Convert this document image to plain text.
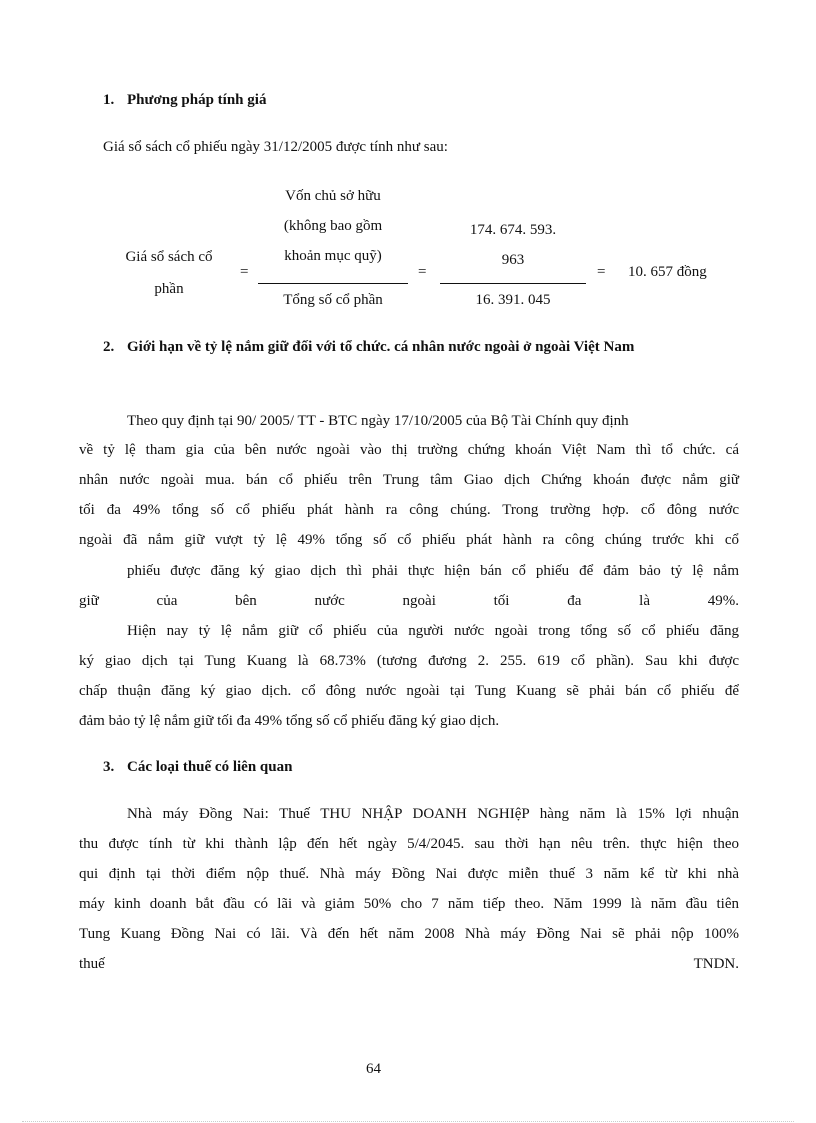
1. Phương pháp tính giá
Giá sổ sách cổ phiếu ngày 31/12/2005 được tính như sau:
Giá sổ sách cổ
phần
=
Vốn chủ sở hữu
(không bao gồm
khoản mục quỹ)
Tổng số cổ phần
=
174. 674. 593.
963
16. 391. 045
= 10. 657 đồng
2. Giới hạn về tỷ lệ nắm giữ đối với tổ chức. cá nhân nước ngoài ở ngoài Việt Nam
Theo quy định tại 90/ 2005/ TT - BTC ngày 17/10/2005 của Bộ Tài Chính quy định
về tỷ lệ tham gia của bên nước ngoài vào thị trường chứng khoán Việt Nam thì tổ chức. cá
nhân nước ngoài mua. bán cổ phiếu trên Trung tâm Giao dịch Chứng khoán được nắm giữ
tối đa 49% tổng số cổ phiếu phát hành ra công chúng. Trong trường hợp. cổ đông nước
ngoài đã nắm giữ vượt tỷ lệ 49% tổng số cổ phiếu phát hành ra công chúng trước khi cổ
phiếu được đăng ký giao dịch thì phải thực hiện bán cổ phiếu để đảm bảo tỷ lệ nắm
giữ của bên nước ngoài tối đa là 49%.
Hiện nay tỷ lệ nắm giữ cổ phiếu của người nước ngoài trong tổng số cổ phiếu đăng
ký giao dịch tại Tung Kuang là 68.73% (tương đương 2. 255. 619 cổ phần). Sau khi được
chấp thuận đăng ký giao dịch. cổ đông nước ngoài tại Tung Kuang sẽ phải bán cổ phiếu để
đảm bảo tỷ lệ nắm giữ tối đa 49% tổng số cổ phiếu đăng ký giao dịch.
3. Các loại thuế có liên quan
Nhà máy Đồng Nai: Thuế THU NHẬP DOANH NGHIệP hàng năm là 15% lợi nhuận
thu được tính từ khi thành lập đến hết ngày 5/4/2045. sau thời hạn nêu trên. thực hiện theo
qui định tại thời điểm nộp thuế. Nhà máy Đồng Nai được miễn thuế 3 năm kể từ khi nhà
máy kinh doanh bắt đầu có lãi và giảm 50% cho 7 năm tiếp theo. Năm 1999 là năm đầu tiên
Tung Kuang Đồng Nai có lãi. Và đến hết năm 2008 Nhà máy Đồng Nai sẽ phải nộp 100%
thuế TNDN.
64
